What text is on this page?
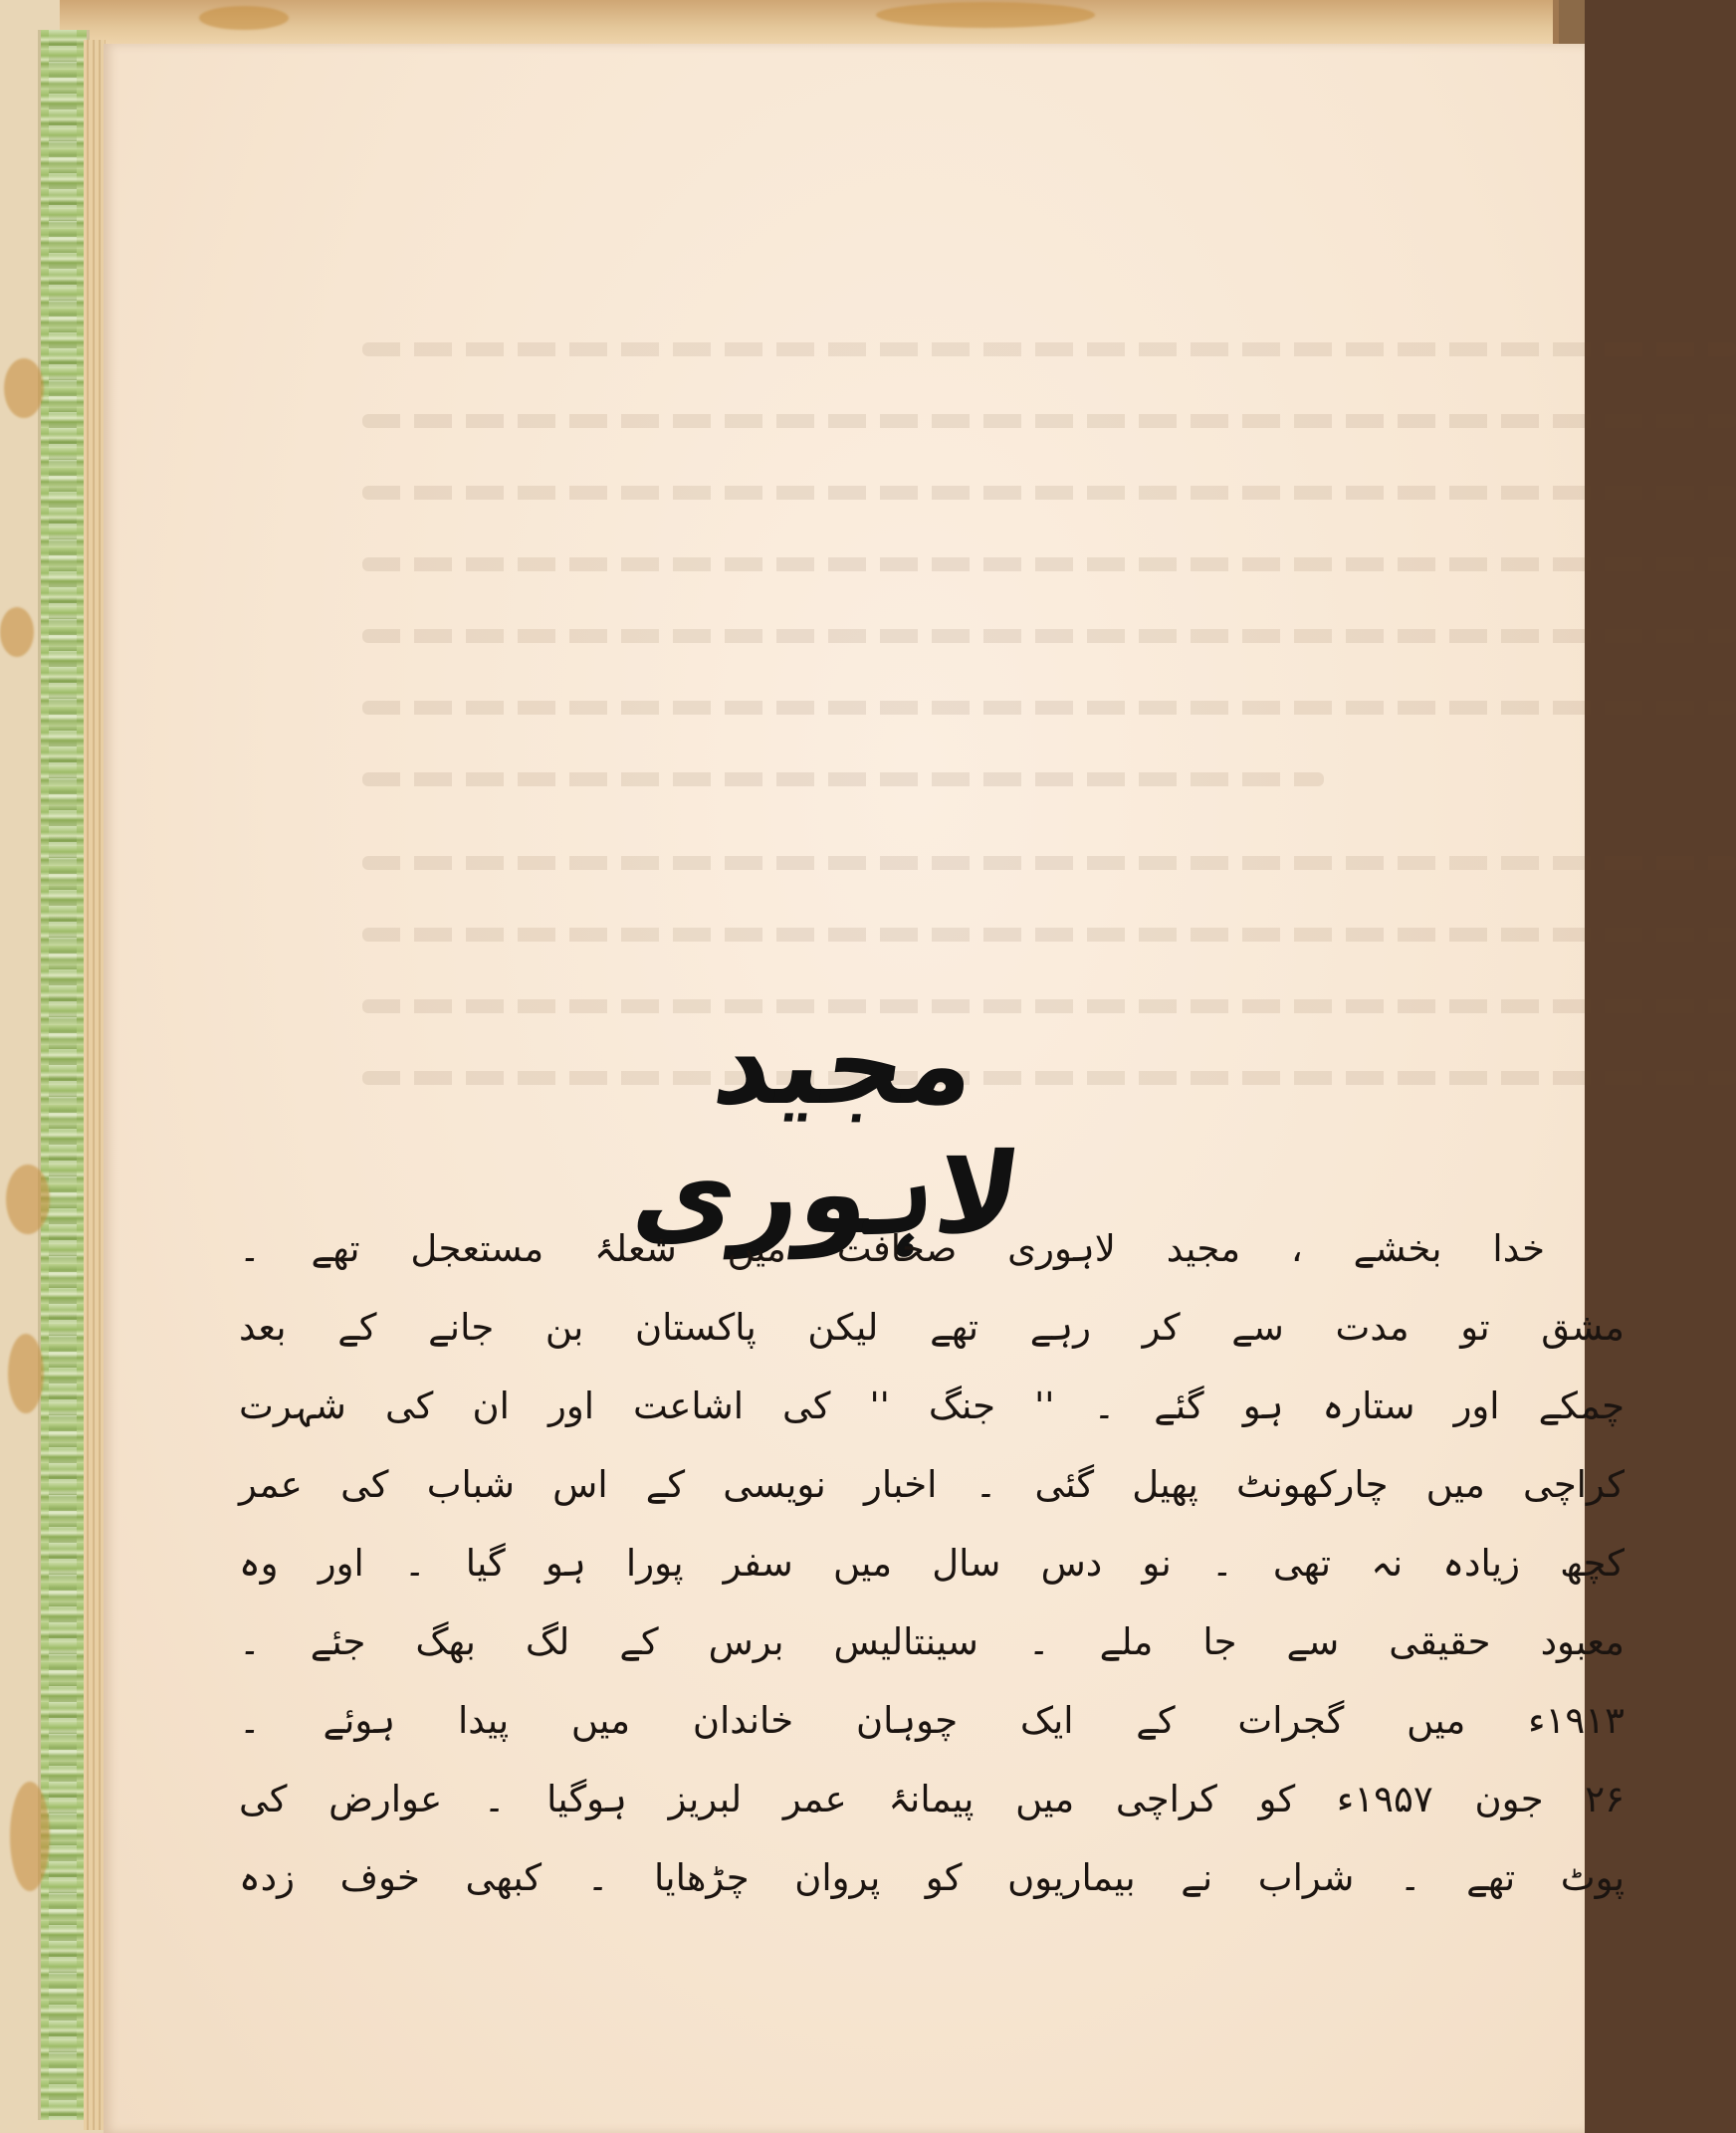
مجید لاہوری
خدا بخشے ، مجید لاہوری صحافت میں شعلۂ مستعجل تھے ۔
مشق تو مدت سے کر رہے تھے لیکن پاکستان بن جانے کے بعد
چمکے اور ستارہ ہو گئے ۔ '' جنگ '' کی اشاعت اور ان کی شہرت
کراچی میں چارکھونٹ پھیل گئی ۔ اخبار نویسی کے اس شباب کی عمر
کچھ زیادہ نہ تھی ۔ نو دس سال میں سفر پورا ہو گیا ۔ اور وہ
معبود حقیقی سے جا ملے ۔ سینتالیس برس کے لگ بھگ جئے ۔
۱۹۱۳ء میں گجرات کے ایک چوہان خاندان میں پیدا ہوئے ۔
۲۶ جون ۱۹۵۷ء کو کراچی میں پیمانۂ عمر لبریز ہوگیا ۔ عوارض کی
پوٹ تھے ۔ شراب نے بیماریوں کو پروان چڑھایا ۔ کبھی خوف زدہ
